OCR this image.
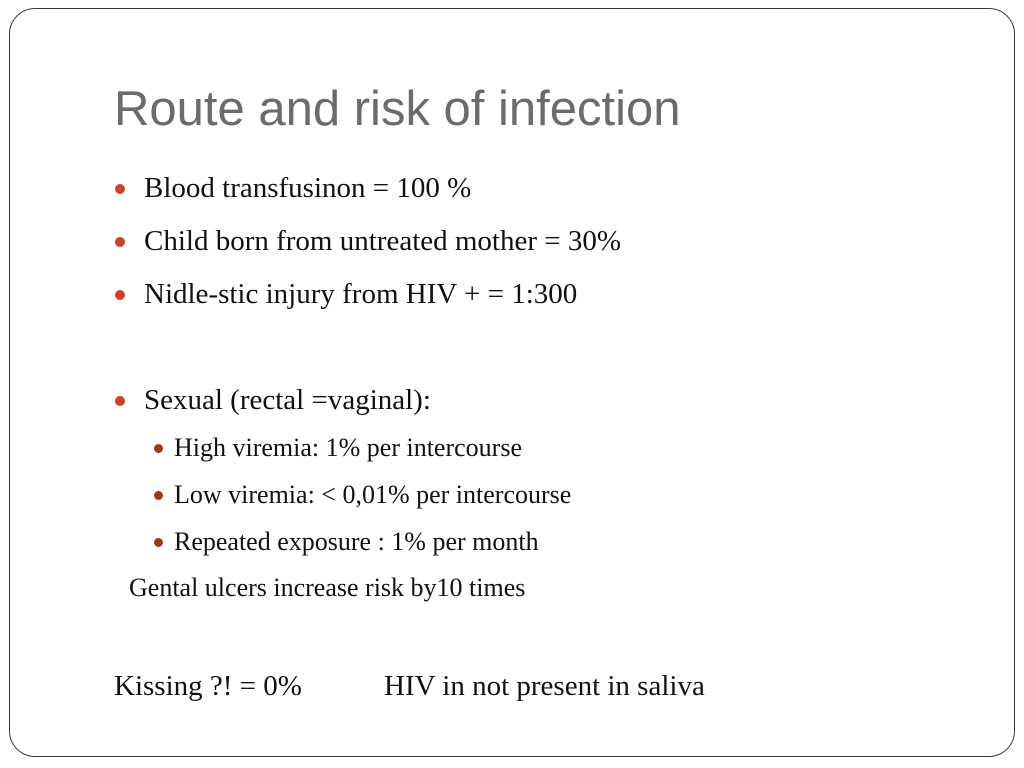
Route and risk of infection
Blood transfusinon = 100 %
Child born from untreated mother = 30%
Nidle-stic injury from HIV + = 1:300
Sexual (rectal =vaginal):
High viremia: 1% per intercourse
Low viremia: < 0,01% per intercourse
Repeated exposure : 1% per month
Gental ulcers increase risk by10 times
Kissing ?! = 0%	HIV in not present in saliva
